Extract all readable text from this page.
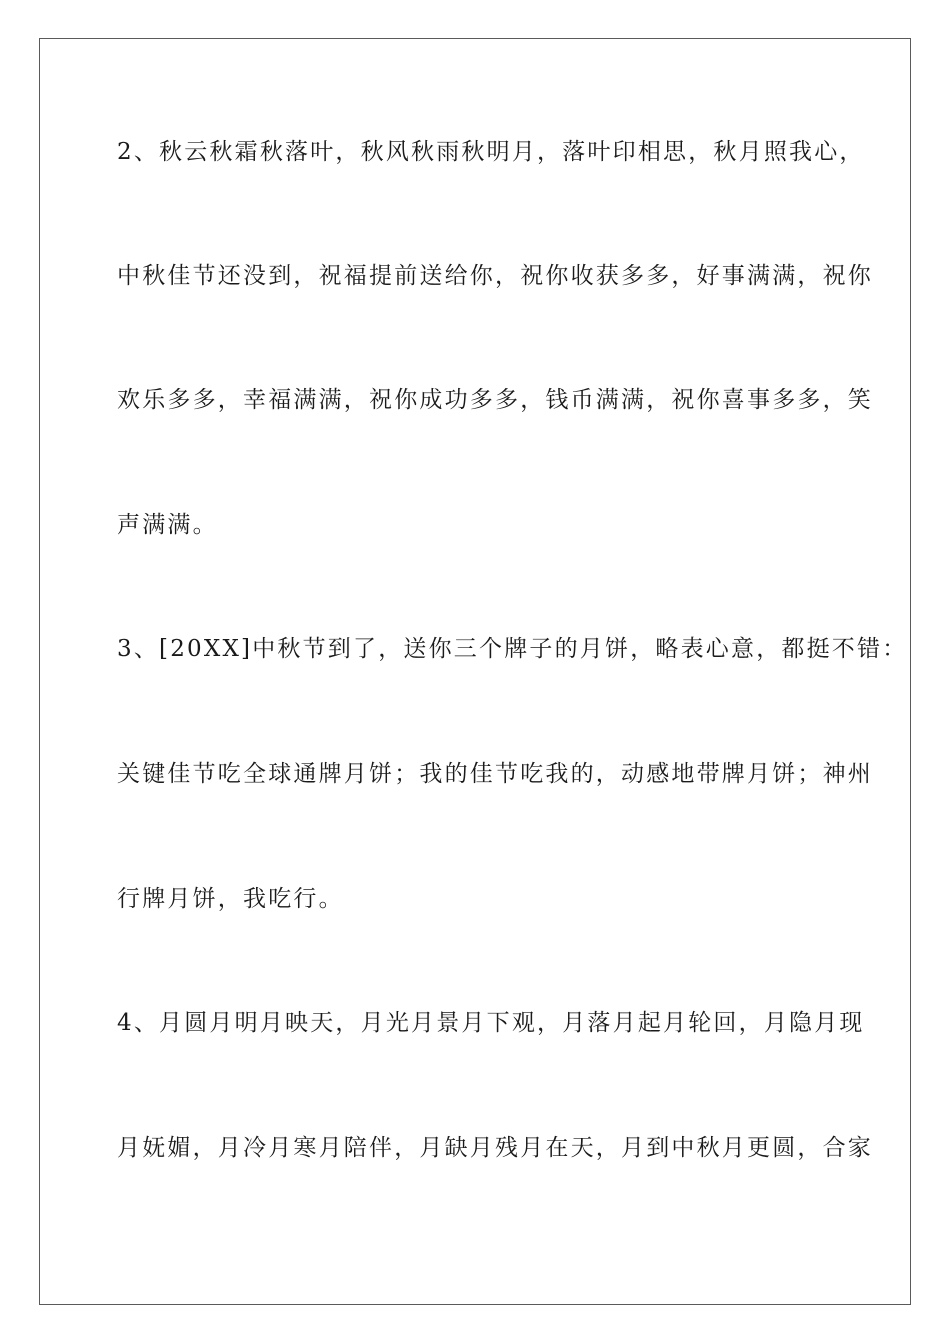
2、秋云秋霜秋落叶，秋风秋雨秋明月，落叶印相思，秋月照我心，
中秋佳节还没到，祝福提前送给你，祝你收获多多，好事满满，祝你
欢乐多多，幸福满满，祝你成功多多，钱币满满，祝你喜事多多，笑
声满满。
3、[20XX]中秋节到了，送你三个牌子的月饼，略表心意，都挺不错：
关键佳节吃全球通牌月饼；我的佳节吃我的，动感地带牌月饼；神州
行牌月饼，我吃行。
4、月圆月明月映天，月光月景月下观，月落月起月轮回，月隐月现
月妩媚，月冷月寒月陪伴，月缺月残月在天，月到中秋月更圆，合家
